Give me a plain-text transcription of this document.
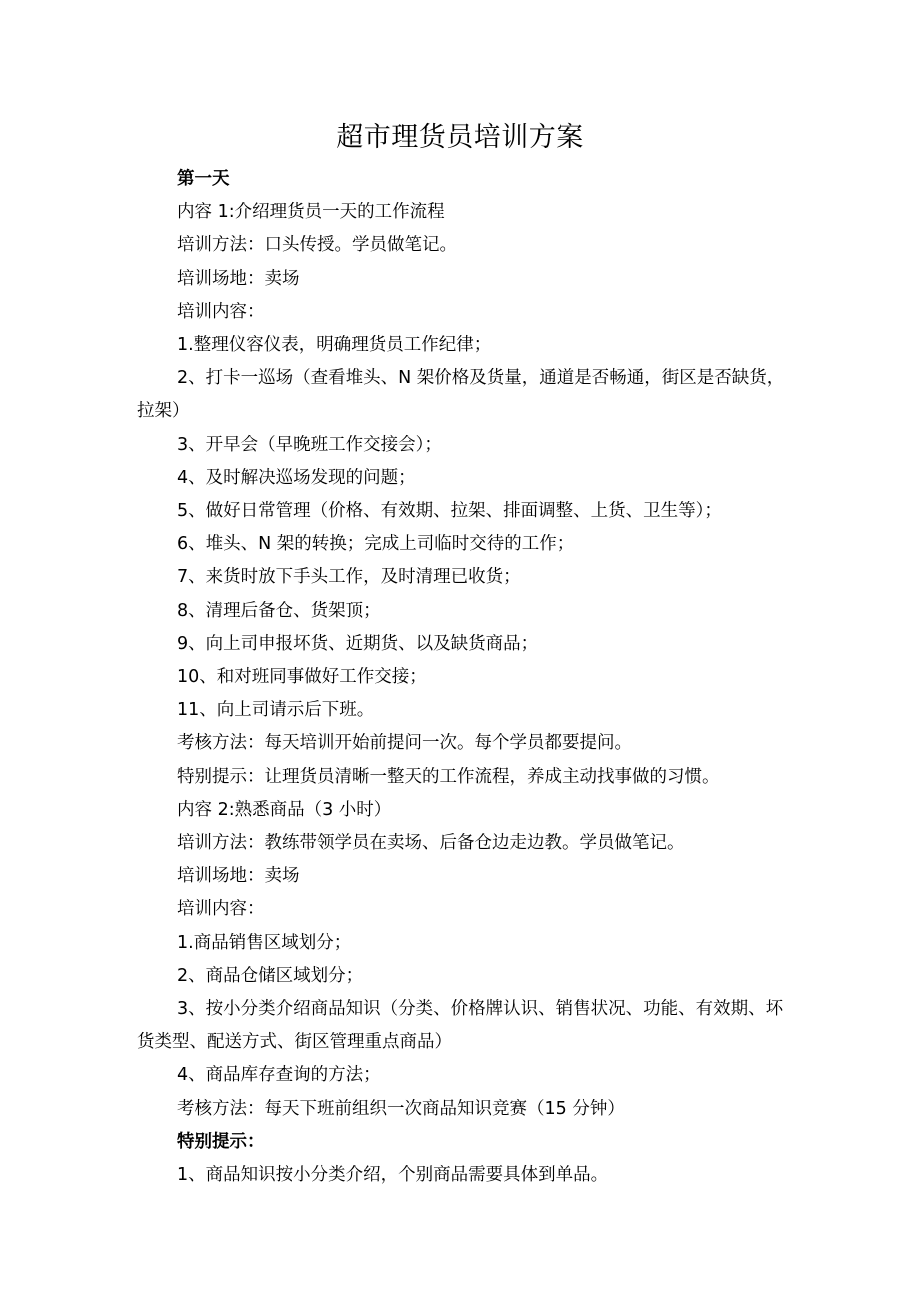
超市理货员培训方案

第一天

内容 1:介绍理货员一天的工作流程

培训方法：口头传授。学员做笔记。

培训场地：卖场

培训内容：

1.整理仪容仪表，明确理货员工作纪律；

2、打卡一巡场（查看堆头、N 架价格及货量，通道是否畅通，街区是否缺货，拉架）

3、开早会（早晚班工作交接会）；

4、及时解决巡场发现的问题；

5、做好日常管理（价格、有效期、拉架、排面调整、上货、卫生等）；

6、堆头、N 架的转换；完成上司临时交待的工作；

7、来货时放下手头工作，及时清理已收货；

8、清理后备仓、货架顶；

9、向上司申报坏货、近期货、以及缺货商品；

10、和对班同事做好工作交接；

11、向上司请示后下班。

考核方法：每天培训开始前提问一次。每个学员都要提问。

特别提示：让理货员清晰一整天的工作流程，养成主动找事做的习惯。

内容 2:熟悉商品（3 小时）

培训方法：教练带领学员在卖场、后备仓边走边教。学员做笔记。

培训场地：卖场

培训内容：

1.商品销售区域划分；

2、商品仓储区域划分；

3、按小分类介绍商品知识（分类、价格牌认识、销售状况、功能、有效期、坏货类型、配送方式、街区管理重点商品）

4、商品库存查询的方法；

考核方法：每天下班前组织一次商品知识竞赛（15 分钟）

特别提示：

1、商品知识按小分类介绍，个别商品需要具体到单品。
